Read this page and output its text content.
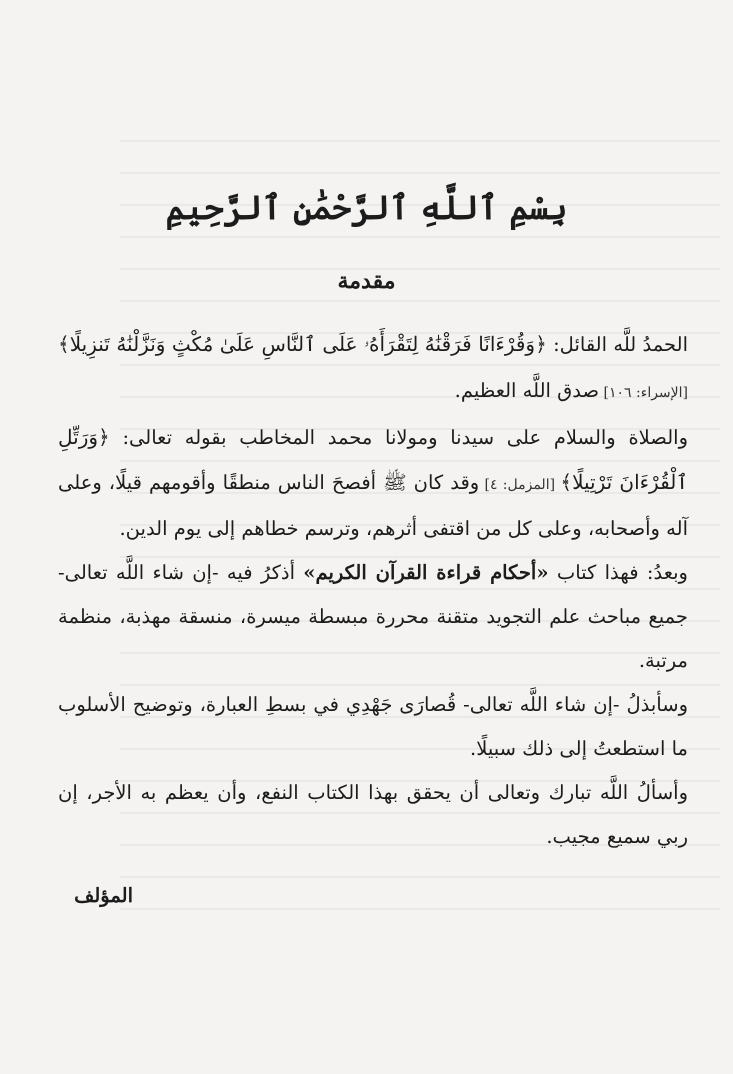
بِسْمِ ٱللَّهِ ٱلرَّحْمَٰنِ ٱلرَّحِيمِ
مقدمة

الحمدُ للَّه القائل: ﴿وَقُرْءَانًا فَرَقْنَٰهُ لِتَقْرَأَهُۥ عَلَى ٱلنَّاسِ عَلَىٰ مُكْثٍ وَنَزَّلْنَٰهُ تَنزِيلًا﴾ [الإسراء: ١٠٦] صدق اللَّه العظيم.

والصلاة والسلام على سيدنا ومولانا محمد المخاطب بقوله تعالى: ﴿وَرَتِّلِ ٱلْقُرْءَانَ تَرْتِيلًا﴾ [المزمل: ٤] وقد كان ﷺ أفصحَ الناس منطقًا وأقومهم قيلًا، وعلى آله وأصحابه، وعلى كل من اقتفى أثرهم، وترسم خطاهم إلى يوم الدين.

وبعدُ: فهذا كتاب «أحكام قراءة القرآن الكريم» أذكرُ فيه -إن شاء اللَّه تعالى- جميع مباحث علم التجويد متقنة محررة مبسطة ميسرة، منسقة مهذبة، منظمة مرتبة.

وسأبذلُ -إن شاء اللَّه تعالى- قُصارَى جَهْدِي في بسطِ العبارة، وتوضيح الأسلوب ما استطعتُ إلى ذلك سبيلًا.

وأسألُ اللَّه تبارك وتعالى أن يحقق بهذا الكتاب النفع، وأن يعظم به الأجر، إن ربي سميع مجيب.

المؤلف
